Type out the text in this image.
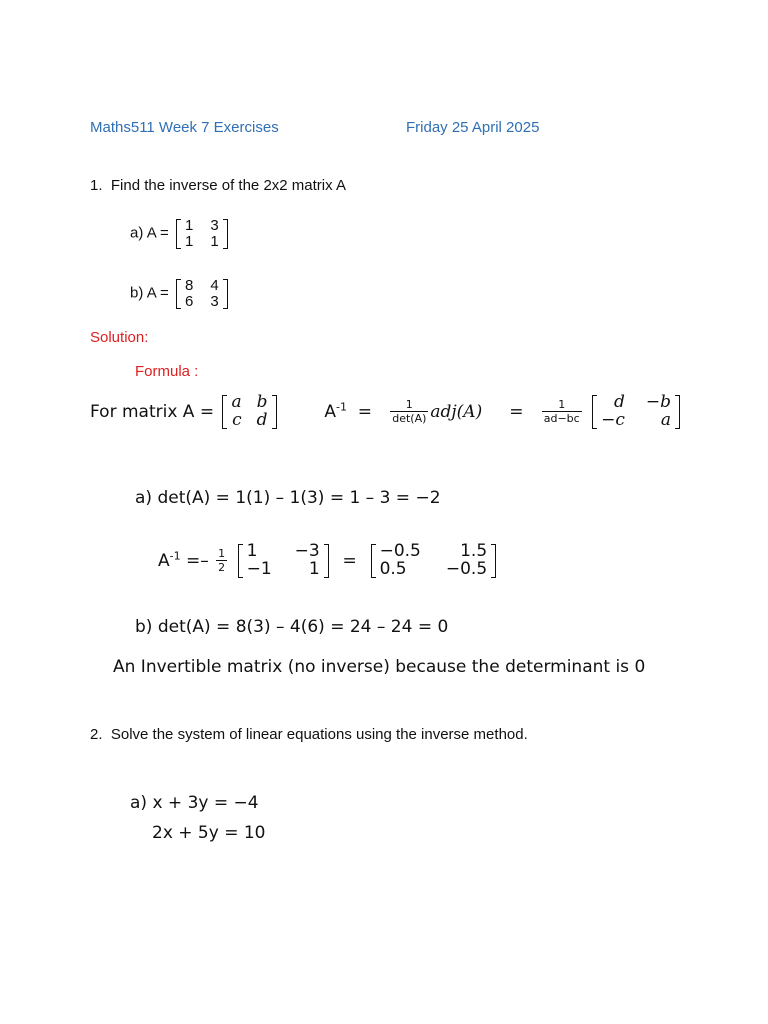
Maths511 Week 7 Exercises	Friday 25 April 2025
1. Find the inverse of the 2x2 matrix A
a) A = 1	3
1	1
b) A = 8	4
6	3
Solution:
Formula :
For matrix A = a	b
c	d	$A^{-1} = \frac{1}{\det(A)} adj(A) = \frac{1}{ad-bc}$
d	−b
−c	a
a) det(A) = 1(1) – 1(3) = 1 – 3 = −2
$A^{-1} =- \frac{1}{2}$
1	−3
−1	1 = −0.5	1.5
0.5	−0.5
b) det(A) = 8(3) – 4(6) = 24 – 24 = 0
An Invertible matrix (no inverse) because the determinant is 0
2. Solve the system of linear equations using the inverse method.
a) x + 3y = −4
2x + 5y = 10
